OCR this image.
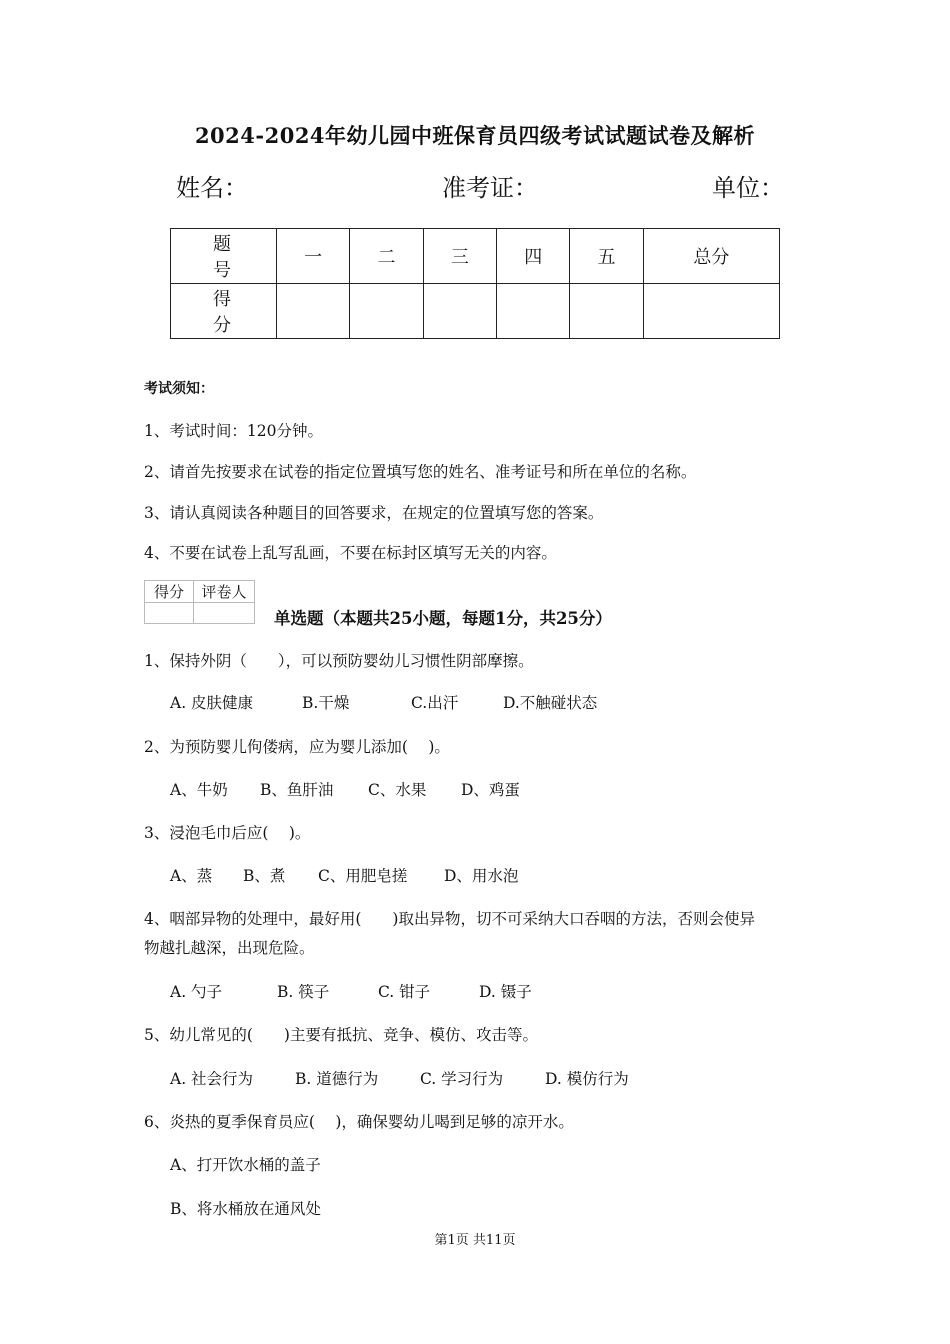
2024-2024年幼儿园中班保育员四级考试试题试卷及解析
姓名：	准考证：	单位：
题　号	一	二	三	四	五	总分
得　分						
考试须知：
1、考试时间：120分钟。
2、请首先按要求在试卷的指定位置填写您的姓名、准考证号和所在单位的名称。
3、请认真阅读各种题目的回答要求，在规定的位置填写您的答案。
4、不要在试卷上乱写乱画，不要在标封区填写无关的内容。
得分	评卷人

单选题（本题共25小题，每题1分，共25分）
1、保持外阴（　　），可以预防婴幼儿习惯性阴部摩擦。
A. 皮肤健康	B.干燥	C.出汗	D.不触碰状态
2、为预防婴儿佝偻病，应为婴儿添加(　 )。
A、牛奶 B、鱼肝油 C、水果 D、鸡蛋
3、浸泡毛巾后应(　 )。
A、蒸 B、煮 C、用肥皂搓 D、用水泡
4、咽部异物的处理中，最好用(　　)取出异物，切不可采纳大口吞咽的方法，否则会使异
物越扎越深，出现危险。
A. 勺子	B. 筷子	C. 钳子	D. 镊子
5、幼儿常见的(　　)主要有抵抗、竞争、模仿、攻击等。
A. 社会行为	B. 道德行为	C. 学习行为	D. 模仿行为
6、炎热的夏季保育员应(　 )，确保婴幼儿喝到足够的凉开水。
A、打开饮水桶的盖子
B、将水桶放在通风处
第1页 共11页
